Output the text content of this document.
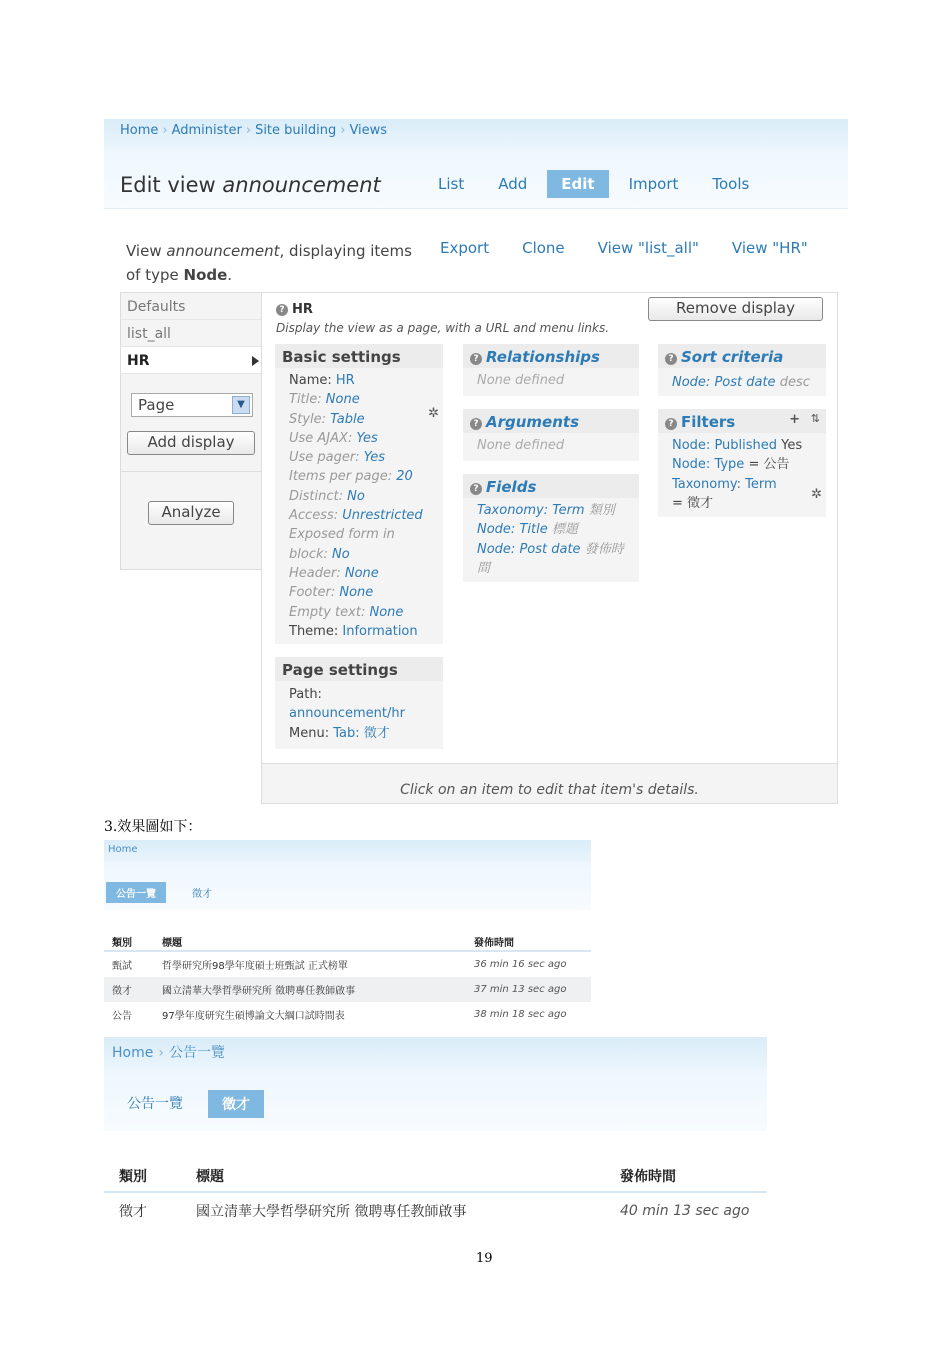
Home › Administer › Site building › Views
Edit view announcement	List	Add	Edit	Import	Tools
View announcement, displaying items
of type Node.
Export Clone View "list_all" View "HR"
Defaults
list_all
HR
Page	▼
Add display
Analyze
? HR
Display the view as a page, with a URL and menu links.
Remove display
Basic settings
Name: HR
Title: None
Style: Table
Use AJAX: Yes
Use pager: Yes
Items per page: 20
Distinct: No
Access: Unrestricted
Exposed form in
block: No
Header: None
Footer: None
Empty text: None
Theme: Information
✲
Page settings
Path:
announcement/hr
Menu: Tab: 徵才
? Relationships
None defined
? Arguments
None defined
? Fields
Taxonomy: Term 類別
Node: Title 標題
Node: Post date 發佈時
間
? Sort criteria
Node: Post date desc
? Filters	+ ⇅
Node: Published Yes
Node: Type = 公告
Taxonomy: Term
= 徵才
✲
Click on an item to edit that item's details.
3.效果圖如下：
Home
公告一覽	徵才
類別	標題	發佈時間
甄試	哲學研究所98學年度碩士班甄試 正式榜單	36 min 16 sec ago
徵才	國立清華大學哲學研究所 徵聘專任教師啟事	37 min 13 sec ago
公告	97學年度研究生碩博論文大綱口試時間表	38 min 18 sec ago
Home › 公告一覽
公告一覽	徵才
類別	標題	發佈時間
徵才	國立清華大學哲學研究所 徵聘專任教師啟事	40 min 13 sec ago
19
